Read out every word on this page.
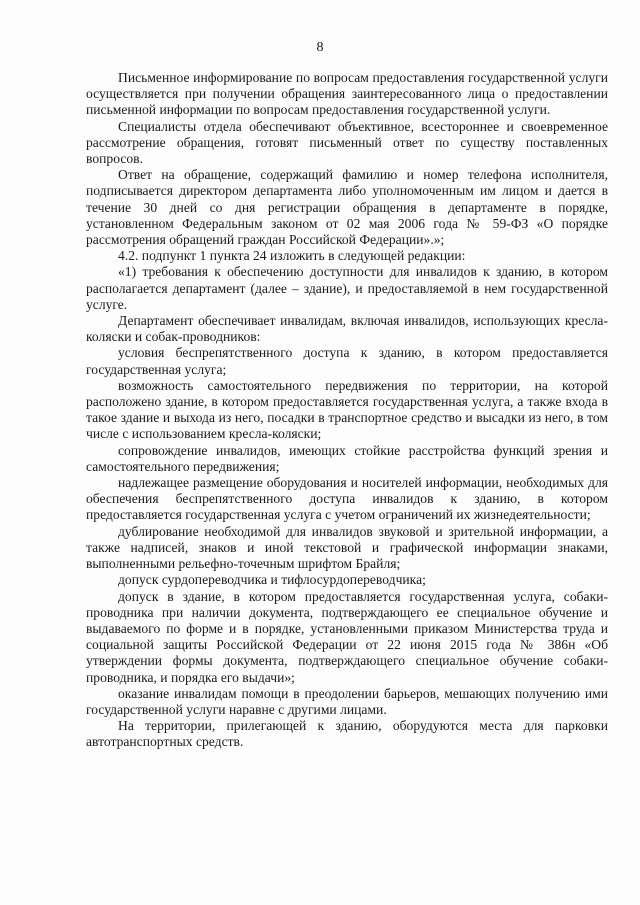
8

Письменное информирование по вопросам предоставления государственной услуги осуществляется при получении обращения заинтересованного лица о предоставлении письменной информации по вопросам предоставления государственной услуги.

Специалисты отдела обеспечивают объективное, всестороннее и своевременное рассмотрение обращения, готовят письменный ответ по существу поставленных вопросов.

Ответ на обращение, содержащий фамилию и номер телефона исполнителя, подписывается директором департамента либо уполномоченным им лицом и дается в течение 30 дней со дня регистрации обращения в департаменте в порядке, установленном Федеральным законом от 02 мая 2006 года № 59-ФЗ «О порядке рассмотрения обращений граждан Российской Федерации».»;

4.2. подпункт 1 пункта 24 изложить в следующей редакции:

«1) требования к обеспечению доступности для инвалидов к зданию, в котором располагается департамент (далее – здание), и предоставляемой в нем государственной услуге.

Департамент обеспечивает инвалидам, включая инвалидов, использующих кресла-коляски и собак-проводников:

условия беспрепятственного доступа к зданию, в котором предоставляется государственная услуга;

возможность самостоятельного передвижения по территории, на которой расположено здание, в котором предоставляется государственная услуга, а также входа в такое здание и выхода из него, посадки в транспортное средство и высадки из него, в том числе с использованием кресла-коляски;

сопровождение инвалидов, имеющих стойкие расстройства функций зрения и самостоятельного передвижения;

надлежащее размещение оборудования и носителей информации, необходимых для обеспечения беспрепятственного доступа инвалидов к зданию, в котором предоставляется государственная услуга с учетом ограничений их жизнедеятельности;

дублирование необходимой для инвалидов звуковой и зрительной информации, а также надписей, знаков и иной текстовой и графической информации знаками, выполненными рельефно-точечным шрифтом Брайля;

допуск сурдопереводчика и тифлосурдопереводчика;

допуск в здание, в котором предоставляется государственная услуга, собаки-проводника при наличии документа, подтверждающего ее специальное обучение и выдаваемого по форме и в порядке, установленными приказом Министерства труда и социальной защиты Российской Федерации от 22 июня 2015 года № 386н «Об утверждении формы документа, подтверждающего специальное обучение собаки-проводника, и порядка его выдачи»;

оказание инвалидам помощи в преодолении барьеров, мешающих получению ими государственной услуги наравне с другими лицами.

На территории, прилегающей к зданию, оборудуются места для парковки автотранспортных средств.
